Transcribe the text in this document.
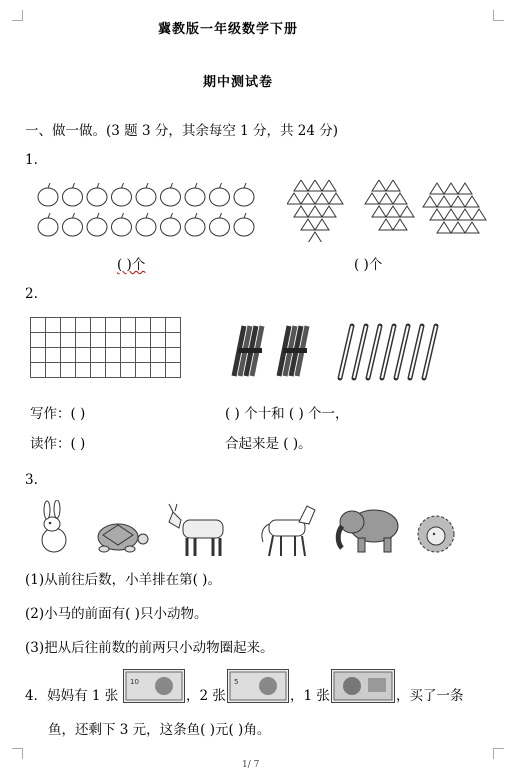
冀教版一年级数学下册
期中测试卷
一、做一做。(3 题 3 分，其余每空 1 分，共 24 分)
1.
( )个	( )个
2.

写作：( )	( ) 个十和 ( ) 个一，
读作：( )	合起来是 ( )。
3.
(1)从前往后数，小羊排在第( )。
(2)小马的前面有( )只小动物。
(3)把从后往前数的前两只小动物圈起来。
4．妈妈有 1 张
10
，2 张
5
，1 张	，买了一条
鱼，还剩下 3 元，这条鱼( )元( )角。
1/ 7
